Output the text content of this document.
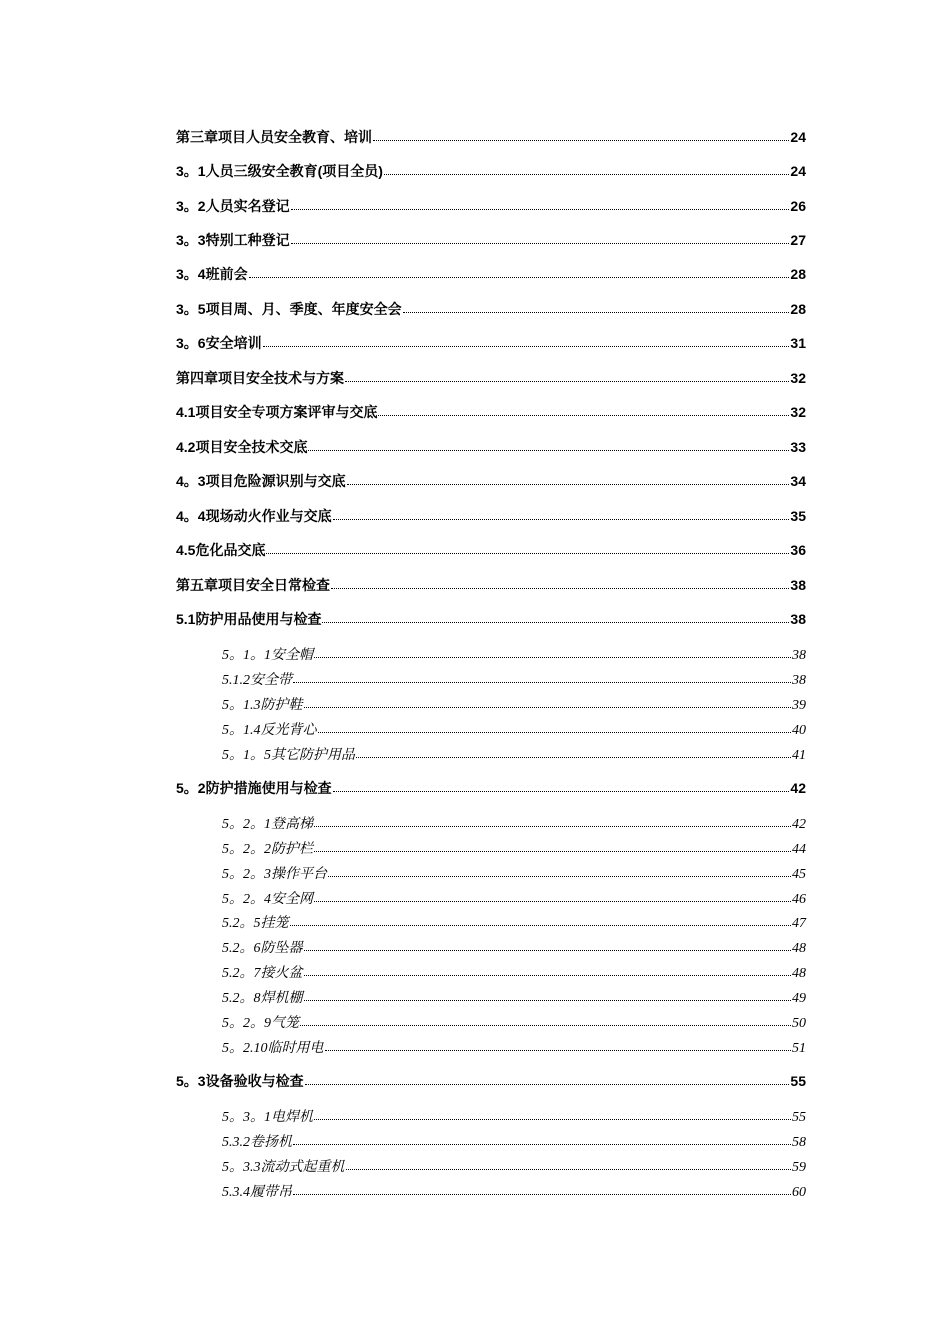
第三章项目人员安全教育、培训	24
3。1人员三级安全教育(项目全员)	24
3。2人员实名登记	26
3。3特别工种登记	27
3。4班前会	28
3。5项目周、月、季度、年度安全会	28
3。6安全培训	31
第四章项目安全技术与方案	32
4.1项目安全专项方案评审与交底	32
4.2项目安全技术交底	33
4。3项目危险源识别与交底	34
4。4现场动火作业与交底	35
4.5危化品交底	36
第五章项目安全日常检查	38
5.1防护用品使用与检查	38
5。1。1安全帽	38
5.1.2安全带	38
5。1.3防护鞋	39
5。1.4反光背心	40
5。1。5其它防护用品	41
5。2防护措施使用与检查	42
5。2。1登高梯	42
5。2。2防护栏	44
5。2。3操作平台	45
5。2。4安全网	46
5.2。5挂笼	47
5.2。6防坠器	48
5.2。7接火盆	48
5.2。8焊机棚	49
5。2。9气笼	50
5。2.10临时用电	51
5。3设备验收与检查	55
5。3。1电焊机	55
5.3.2卷扬机	58
5。3.3流动式起重机	59
5.3.4履带吊	60
